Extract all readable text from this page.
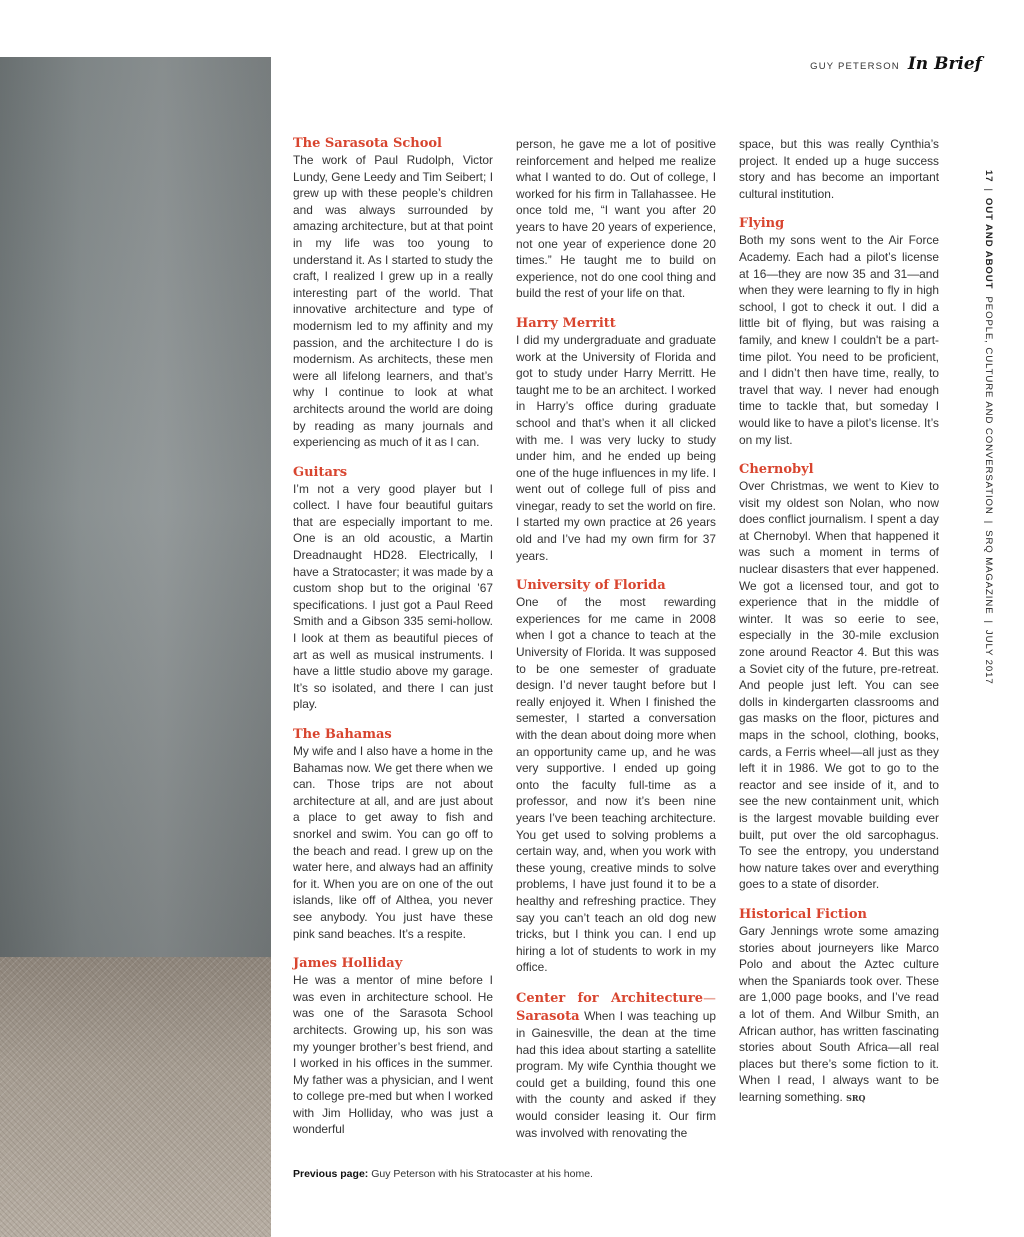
GUY PETERSON In Brief
The Sarasota School

The work of Paul Rudolph, Victor Lundy, Gene Leedy and Tim Seibert; I grew up with these people’s children and was always surrounded by amazing architecture, but at that point in my life was too young to understand it. As I started to study the craft, I realized I grew up in a really interesting part of the world. That innovative architecture and type of modernism led to my affinity and my passion, and the architecture I do is modernism. As architects, these men were all lifelong learners, and that’s why I continue to look at what architects around the world are doing by reading as many journals and experiencing as much of it as I can.

Guitars

I’m not a very good player but I collect. I have four beautiful guitars that are especially important to me. One is an old acoustic, a Martin Dreadnaught HD28. Electrically, I have a Stratocaster; it was made by a custom shop but to the original ’67 specifications. I just got a Paul Reed Smith and a Gibson 335 semi-hollow. I look at them as beautiful pieces of art as well as musical instruments. I have a little studio above my garage. It’s so isolated, and there I can just play.

The Bahamas

My wife and I also have a home in the Bahamas now. We get there when we can. Those trips are not about architecture at all, and are just about a place to get away to fish and snorkel and swim. You can go off to the beach and read. I grew up on the water here, and always had an affinity for it. When you are on one of the out islands, like off of Althea, you never see anybody. You just have these pink sand beaches. It’s a respite.

James Holliday

He was a mentor of mine before I was even in architecture school. He was one of the Sarasota School architects. Growing up, his son was my younger brother’s best friend, and I worked in his offices in the summer. My father was a physician, and I went to college pre-med but when I worked with Jim Holliday, who was just a wonderful

person, he gave me a lot of positive reinforcement and helped me realize what I wanted to do. Out of college, I worked for his firm in Tallahassee. He once told me, “I want you after 20 years to have 20 years of experience, not one year of experience done 20 times.” He taught me to build on experience, not do one cool thing and build the rest of your life on that.

Harry Merritt

I did my undergraduate and graduate work at the University of Florida and got to study under Harry Merritt. He taught me to be an architect. I worked in Harry’s office during graduate school and that’s when it all clicked with me. I was very lucky to study under him, and he ended up being one of the huge influences in my life. I went out of college full of piss and vinegar, ready to set the world on fire. I started my own practice at 26 years old and I’ve had my own firm for 37 years.

University of Florida

One of the most rewarding experiences for me came in 2008 when I got a chance to teach at the University of Florida. It was supposed to be one semester of graduate design. I’d never taught before but I really enjoyed it. When I finished the semester, I started a conversation with the dean about doing more when an opportunity came up, and he was very supportive. I ended up going onto the faculty full-time as a professor, and now it’s been nine years I’ve been teaching architecture. You get used to solving problems a certain way, and, when you work with these young, creative minds to solve problems, I have just found it to be a healthy and refreshing practice. They say you can’t teach an old dog new tricks, but I think you can. I end up hiring a lot of students to work in my office.

Center for Architecture—Sarasota When I was teaching up in Gainesville, the dean at the time had this idea about starting a satellite program. My wife Cynthia thought we could get a building, found this one with the county and asked if they would consider leasing it. Our firm was involved with renovating the

space, but this was really Cynthia’s project. It ended up a huge success story and has become an important cultural institution.

Flying

Both my sons went to the Air Force Academy. Each had a pilot’s license at 16—they are now 35 and 31—and when they were learning to fly in high school, I got to check it out. I did a little bit of flying, but was raising a family, and knew I couldn't be a part-time pilot. You need to be proficient, and I didn’t then have time, really, to travel that way. I never had enough time to tackle that, but someday I would like to have a pilot’s license. It’s on my list.

Chernobyl

Over Christmas, we went to Kiev to visit my oldest son Nolan, who now does conflict journalism. I spent a day at Chernobyl. When that happened it was such a moment in terms of nuclear disasters that ever happened. We got a licensed tour, and got to experience that in the middle of winter. It was so eerie to see, especially in the 30-mile exclusion zone around Reactor 4. But this was a Soviet city of the future, pre-retreat. And people just left. You can see dolls in kindergarten classrooms and gas masks on the floor, pictures and maps in the school, clothing, books, cards, a Ferris wheel—all just as they left it in 1986. We got to go to the reactor and see inside of it, and to see the new containment unit, which is the largest movable building ever built, put over the old sarcophagus. To see the entropy, you understand how nature takes over and everything goes to a state of disorder.

Historical Fiction

Gary Jennings wrote some amazing stories about journeyers like Marco Polo and about the Aztec culture when the Spaniards took over. These are 1,000 page books, and I’ve read a lot of them. And Wilbur Smith, an African author, has written fascinating stories about South Africa—all real places but there’s some fiction to it. When I read, I always want to be learning something. SRQ

17|OUT AND ABOUT  PEOPLE, CULTURE AND CONVERSATION|SRQ MAGAZINE|JULY 2017
Previous page: Guy Peterson with his Stratocaster at his home.
